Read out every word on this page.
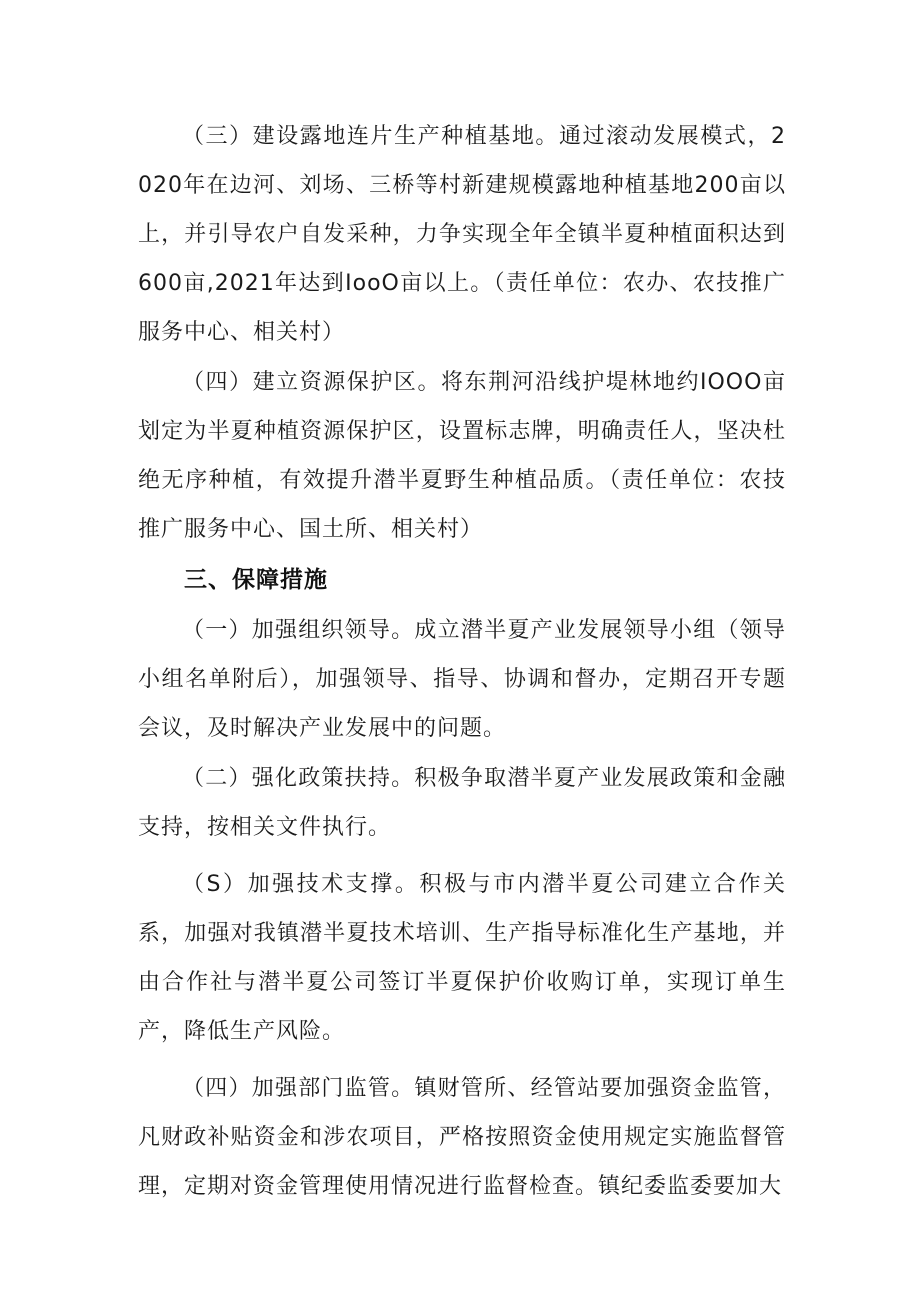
（三）建设露地连片生产种植基地。通过滚动发展模式，2020年在边河、刘场、三桥等村新建规模露地种植基地200亩以上，并引导农户自发采种，力争实现全年全镇半夏种植面积达到600亩,2021年达到IooO亩以上。（责任单位：农办、农技推广服务中心、相关村）

（四）建立资源保护区。将东荆河沿线护堤林地约IOOO亩划定为半夏种植资源保护区，设置标志牌，明确责任人，坚决杜绝无序种植，有效提升潜半夏野生种植品质。（责任单位：农技推广服务中心、国土所、相关村）

三、保障措施

（一）加强组织领导。成立潜半夏产业发展领导小组（领导小组名单附后），加强领导、指导、协调和督办，定期召开专题会议，及时解决产业发展中的问题。

（二）强化政策扶持。积极争取潜半夏产业发展政策和金融支持，按相关文件执行。

（S）加强技术支撑。积极与市内潜半夏公司建立合作关系，加强对我镇潜半夏技术培训、生产指导标准化生产基地，并由合作社与潜半夏公司签订半夏保护价收购订单，实现订单生产，降低生产风险。

（四）加强部门监管。镇财管所、经管站要加强资金监管，凡财政补贴资金和涉农项目，严格按照资金使用规定实施监督管理，定期对资金管理使用情况进行监督检查。镇纪委监委要加大
